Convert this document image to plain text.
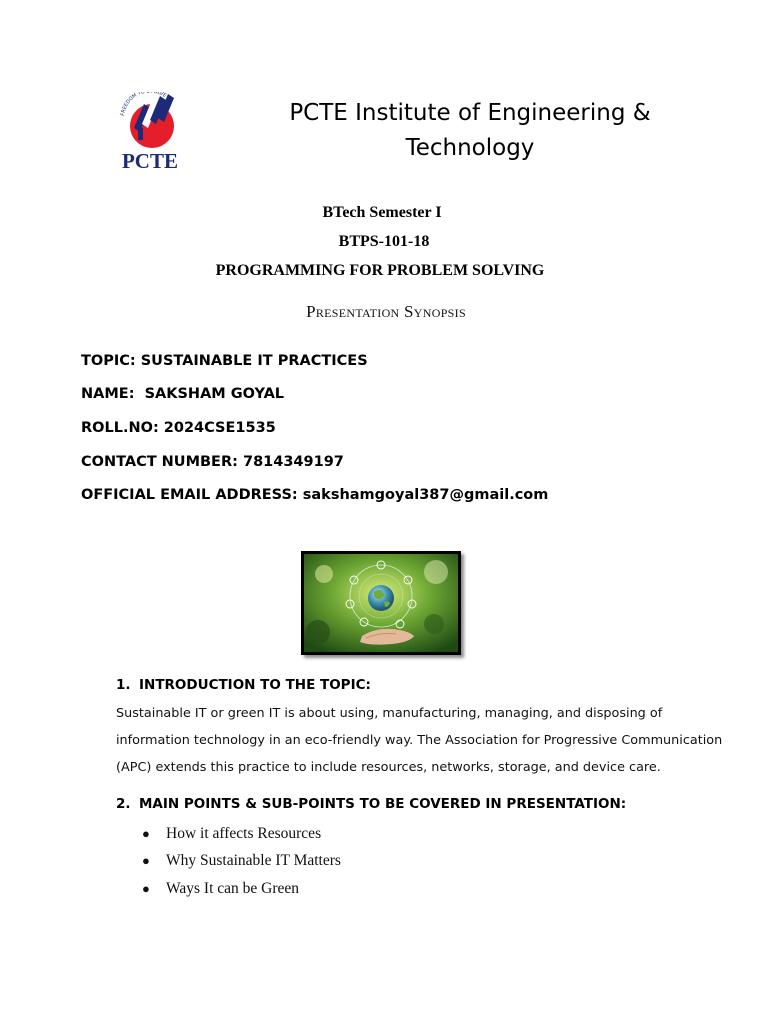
FREEDOM TO OLVE
PCTE
PCTE Institute of Engineering & Technology
BTech Semester I
BTPS-101-18
PROGRAMMING FOR PROBLEM SOLVING
Presentation Synopsis
TOPIC: SUSTAINABLE IT PRACTICES
NAME:  SAKSHAM GOYAL
ROLL.NO: 2024CSE1535
CONTACT NUMBER: 7814349197
OFFICIAL EMAIL ADDRESS: sakshamgoyal387@gmail.com
1. INTRODUCTION TO THE TOPIC:
Sustainable IT or green IT is about using, manufacturing, managing, and disposing of information technology in an eco-friendly way. The Association for Progressive Communication (APC) extends this practice to include resources, networks, storage, and device care.
2. MAIN POINTS & SUB-POINTS TO BE COVERED IN PRESENTATION:
●	How it affects Resources
●	Why Sustainable IT Matters
●	Ways It can be Green
